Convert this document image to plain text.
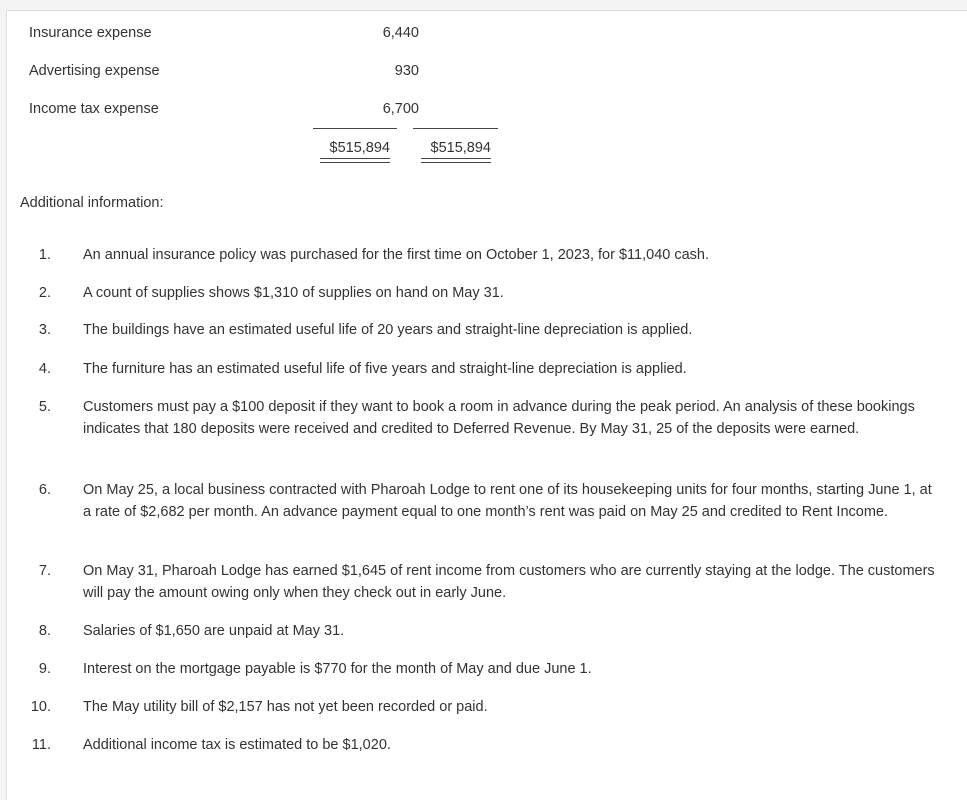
Insurance expense	6,440
Advertising expense	930
Income tax expense	6,700
$515,894	$515,894
Additional information:
1. An annual insurance policy was purchased for the first time on October 1, 2023, for $11,040 cash.
2. A count of supplies shows $1,310 of supplies on hand on May 31.
3. The buildings have an estimated useful life of 20 years and straight-line depreciation is applied.
4. The furniture has an estimated useful life of five years and straight-line depreciation is applied.
5. Customers must pay a $100 deposit if they want to book a room in advance during the peak period. An analysis of these bookings indicates that 180 deposits were received and credited to Deferred Revenue. By May 31, 25 of the deposits were earned.
6. On May 25, a local business contracted with Pharoah Lodge to rent one of its housekeeping units for four months, starting June 1, at a rate of $2,682 per month. An advance payment equal to one month’s rent was paid on May 25 and credited to Rent Income.
7. On May 31, Pharoah Lodge has earned $1,645 of rent income from customers who are currently staying at the lodge. The customers will pay the amount owing only when they check out in early June.
8. Salaries of $1,650 are unpaid at May 31.
9. Interest on the mortgage payable is $770 for the month of May and due June 1.
10. The May utility bill of $2,157 has not yet been recorded or paid.
11. Additional income tax is estimated to be $1,020.
